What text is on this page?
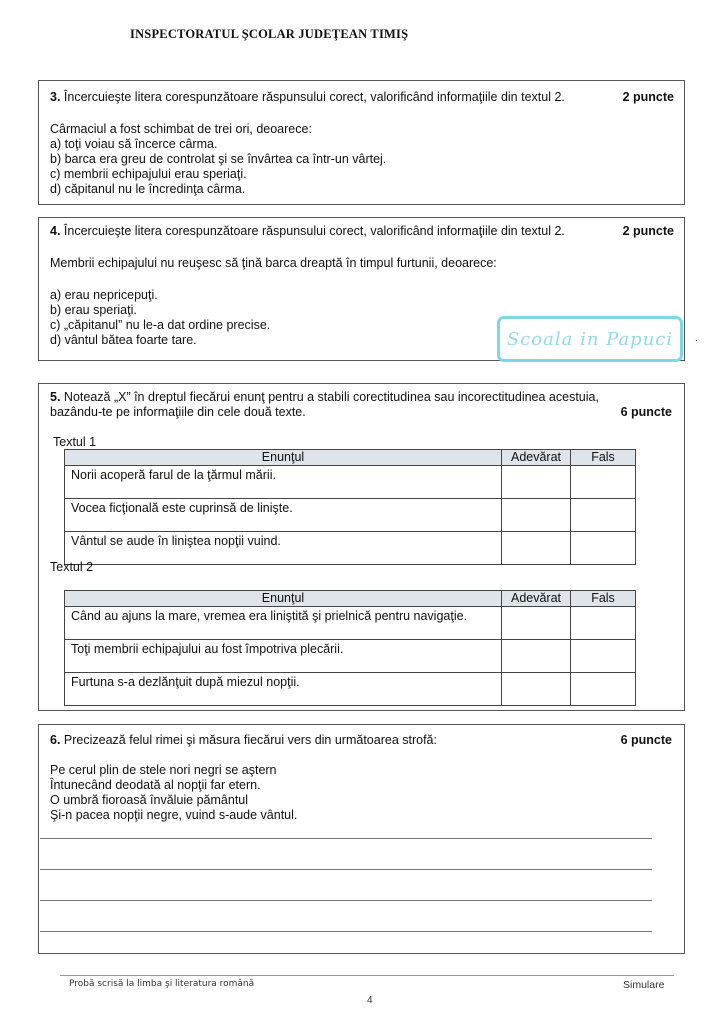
INSPECTORATUL ŞCOLAR JUDEŢEAN TIMIŞ
3. Încercuieşte litera corespunzătoare răspunsului corect, valorificând informaţiile din textul 2.	2 puncte
Cârmaciul a fost schimbat de trei ori, deoarece:
a) toţi voiau să încerce cârma.
b) barca era greu de controlat şi se învârtea ca într-un vârtej.
c) membrii echipajului erau speriaţi.
d) căpitanul nu le încredinţa cârma.
4. Încercuieşte litera corespunzătoare răspunsului corect, valorificând informaţiile din textul 2.	2 puncte
Membrii echipajului nu reuşesc să ţină barca dreaptă în timpul furtunii, deoarece:
a) erau nepricepuţi.
b) erau speriaţi.
c) „căpitanul” nu le-a dat ordine precise.
d) vântul bătea foarte tare.	Scoala in Papuci	.
5. Notează „X” în dreptul fiecărui enunţ pentru a stabili corectitudinea sau incorectitudinea acestuia,
bazându-te pe informaţiile din cele două texte.	6 puncte
Textul 1
Enunţul	Adevărat	Fals
Norii acoperă farul de la ţărmul mării.		
Vocea ficţională este cuprinsă de linişte.		
Vântul se aude în liniştea nopţii vuind.		
Textul 2
Enunţul	Adevărat	Fals
Când au ajuns la mare, vremea era liniştită şi prielnică pentru navigaţie.		
Toţi membrii echipajului au fost împotriva plecării.		
Furtuna s-a dezlănţuit după miezul nopţii.		
6. Precizează felul rimei şi măsura fiecărui vers din următoarea strofă:	6 puncte
Pe cerul plin de stele nori negri se aştern
Întunecând deodată al nopţii far etern.
O umbră fioroasă învăluie pământul
Şi-n pacea nopţii negre, vuind s-aude vântul.
Probă scrisă la limba şi literatura română	Simulare
4
